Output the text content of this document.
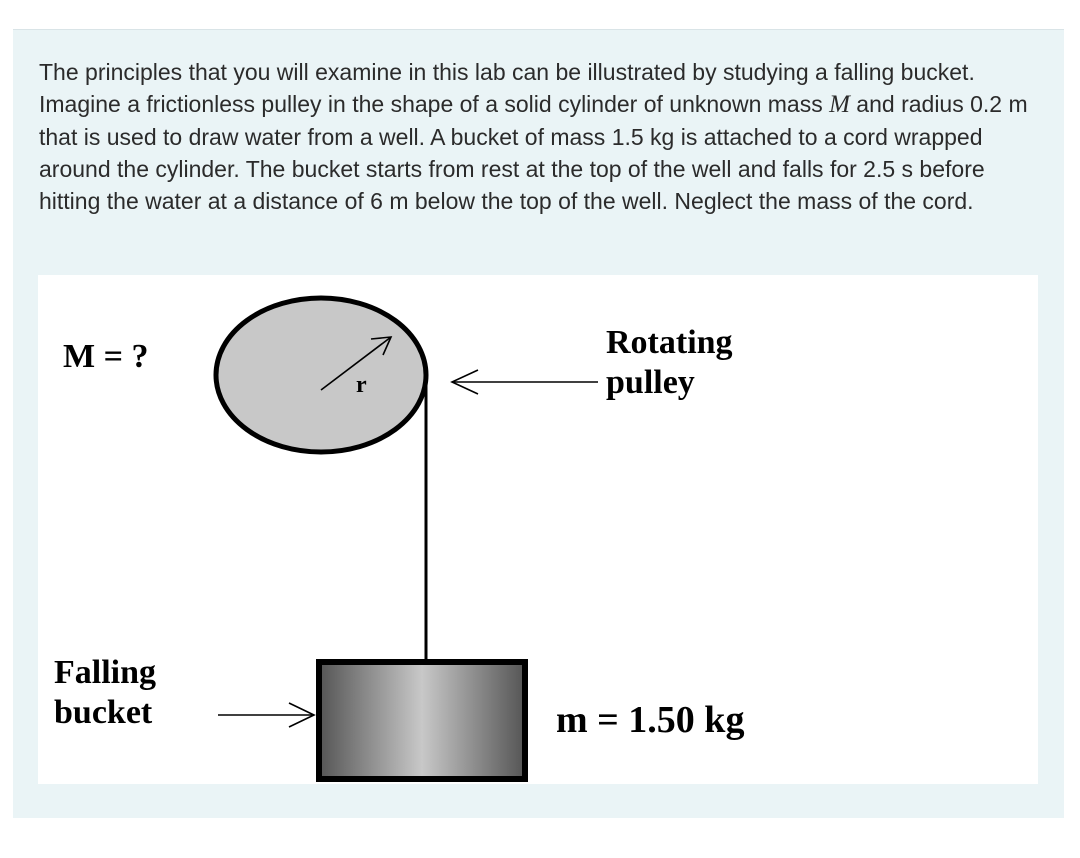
The principles that you will examine in this lab can be illustrated by studying a falling bucket. Imagine a frictionless pulley in the shape of a solid cylinder of unknown mass M and radius 0.2 m that is used to draw water from a well. A bucket of mass 1.5 kg is attached to a cord wrapped around the cylinder. The bucket starts from rest at the top of the well and falls for 2.5 s before hitting the water at a distance of 6 m below the top of the well. Neglect the mass of the cord.

r
M = ?	Rotating
pulley
Falling
bucket	m = 1.50 kg
